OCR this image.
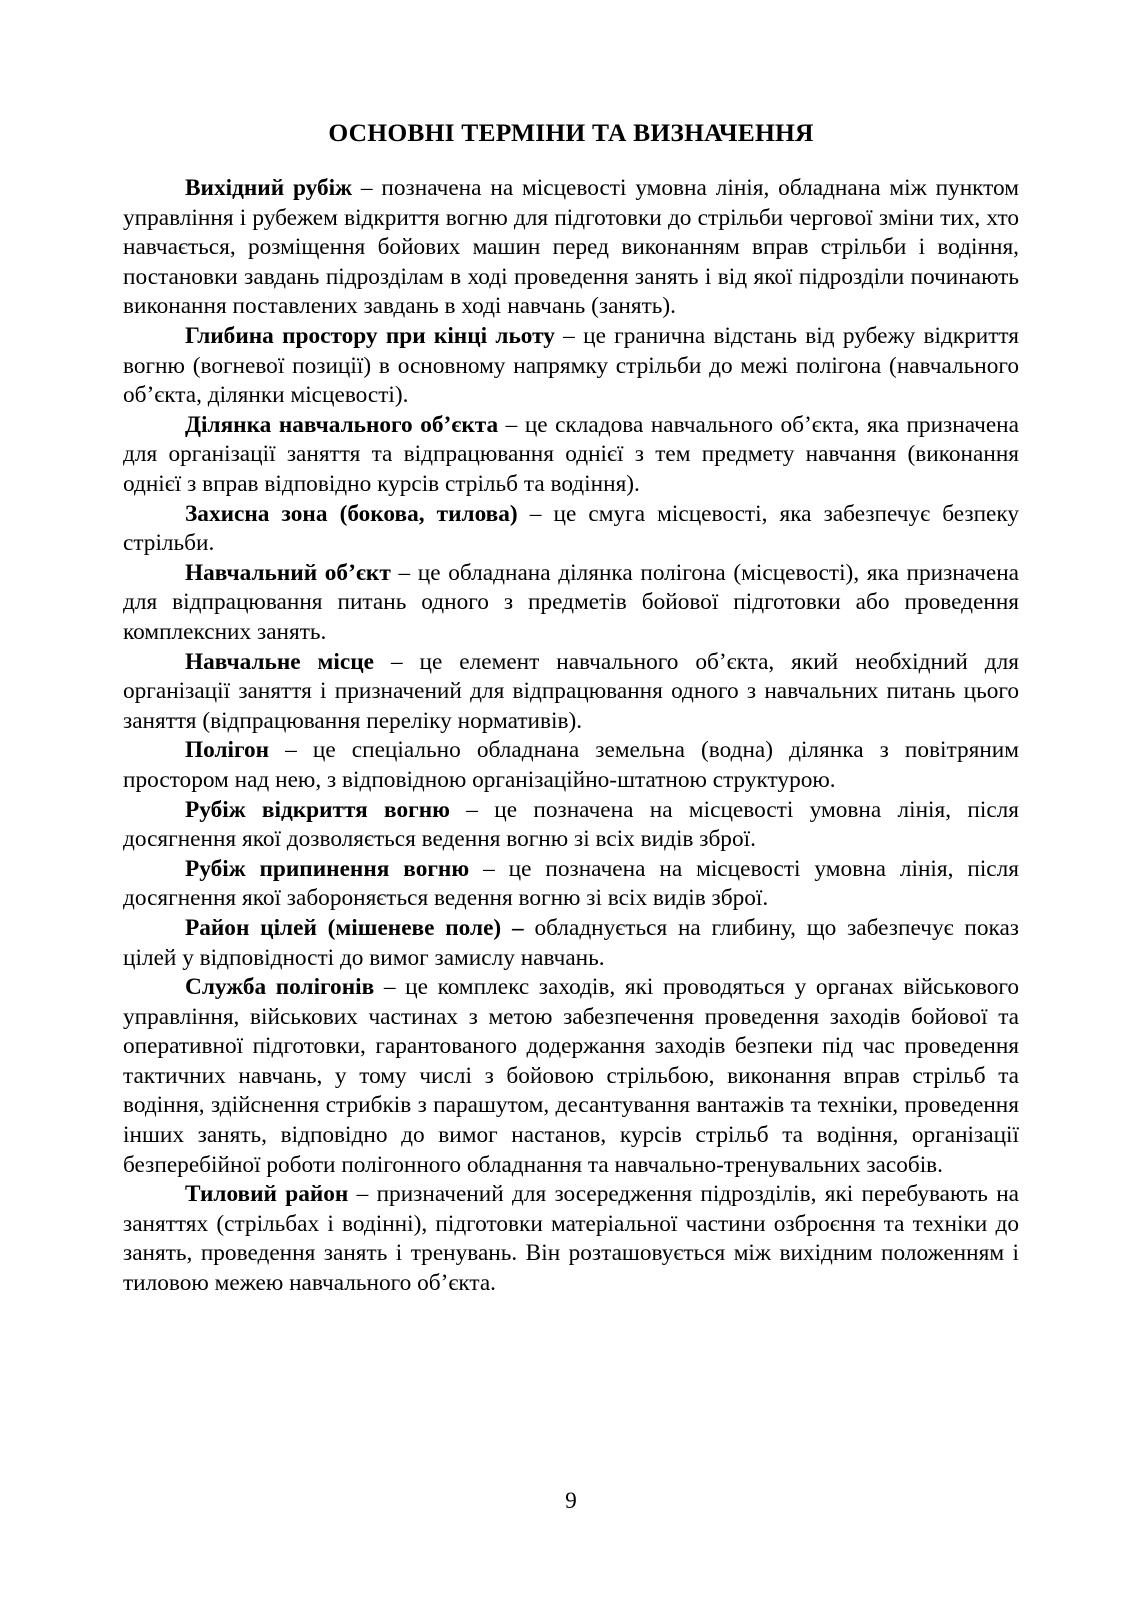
ОСНОВНІ ТЕРМІНИ ТА ВИЗНАЧЕННЯ

Вихідний рубіж – позначена на місцевості умовна лінія, обладнана між пунктом управління і рубежем відкриття вогню для підготовки до стрільби чергової зміни тих, хто навчається, розміщення бойових машин перед виконанням вправ стрільби і водіння, постановки завдань підрозділам в ході проведення занять і від якої підрозділи починають виконання поставлених завдань в ході навчань (занять).

Глибина простору при кінці льоту – це гранична відстань від рубежу відкриття вогню (вогневої позиції) в основному напрямку стрільби до межі полігона (навчального об’єкта, ділянки місцевості).

Ділянка навчального об’єкта – це складова навчального об’єкта, яка призначена для організації заняття та відпрацювання однієї з тем предмету навчання (виконання однієї з вправ відповідно курсів стрільб та водіння).

Захисна зона (бокова, тилова) – це смуга місцевості, яка забезпечує безпеку стрільби.

Навчальний об’єкт – це обладнана ділянка полігона (місцевості), яка призначена для відпрацювання питань одного з предметів бойової підготовки або проведення комплексних занять.

Навчальне місце – це елемент навчального об’єкта, який необхідний для організації заняття і призначений для відпрацювання одного з навчальних питань цього заняття (відпрацювання переліку нормативів).

Полігон – це спеціально обладнана земельна (водна) ділянка з повітряним простором над нею, з відповідною організаційно-штатною структурою.

Рубіж відкриття вогню – це позначена на місцевості умовна лінія, після досягнення якої дозволяється ведення вогню зі всіх видів зброї.

Рубіж припинення вогню – це позначена на місцевості умовна лінія, після досягнення якої забороняється ведення вогню зі всіх видів зброї.

Район цілей (мішеневе поле) – обладнується на глибину, що забезпечує показ цілей у відповідності до вимог замислу навчань.

Служба полігонів – це комплекс заходів, які проводяться у органах військового управління, військових частинах з метою забезпечення проведення заходів бойової та оперативної підготовки, гарантованого додержання заходів безпеки під час проведення тактичних навчань, у тому числі з бойовою стрільбою, виконання вправ стрільб та водіння, здійснення стрибків з парашутом, десантування вантажів та техніки, проведення інших занять, відповідно до вимог настанов, курсів стрільб та водіння, організації безперебійної роботи полігонного обладнання та навчально-тренувальних засобів.

Тиловий район – призначений для зосередження підрозділів, які перебувають на заняттях (стрільбах і водінні), підготовки матеріальної частини озброєння та техніки до занять, проведення занять і тренувань. Він розташовується між вихідним положенням і тиловою межею навчального об’єкта.

9
